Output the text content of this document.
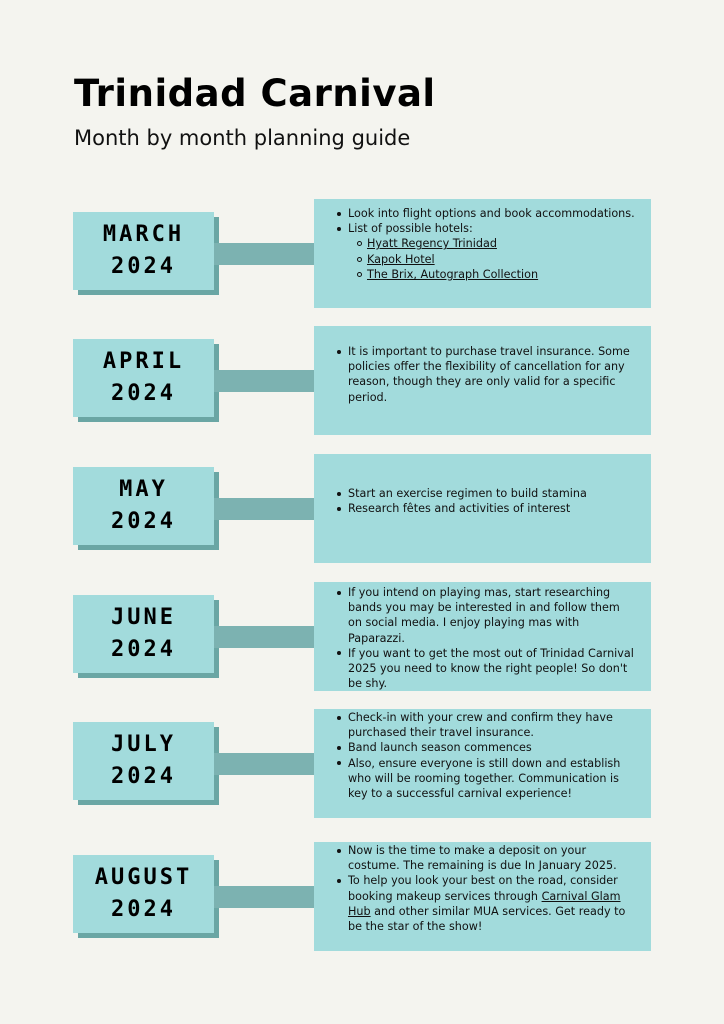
Trinidad Carnival

Month by month planning guide

MARCH
2024
Look into flight options and book accommodations.
List of possible hotels:
Hyatt Regency Trinidad
Kapok Hotel
The Brix, Autograph Collection
APRIL
2024
It is important to purchase travel insurance. Some policies offer the flexibility of cancellation for any reason, though they are only valid for a specific period.
MAY
2024
Start an exercise regimen to build stamina
Research fêtes and activities of interest
JUNE
2024
If you intend on playing mas, start researching bands you may be interested in and follow them on social media. I enjoy playing mas with Paparazzi.
If you want to get the most out of Trinidad Carnival 2025 you need to know the right people! So don't be shy.
JULY
2024
Check-in with your crew and confirm they have purchased their travel insurance.
Band launch season commences
Also, ensure everyone is still down and establish who will be rooming together. Communication is key to a successful carnival experience!
AUGUST
2024
Now is the time to make a deposit on your costume. The remaining is due In January 2025.
To help you look your best on the road, consider booking makeup services through Carnival Glam Hub and other similar MUA services. Get ready to be the star of the show!
